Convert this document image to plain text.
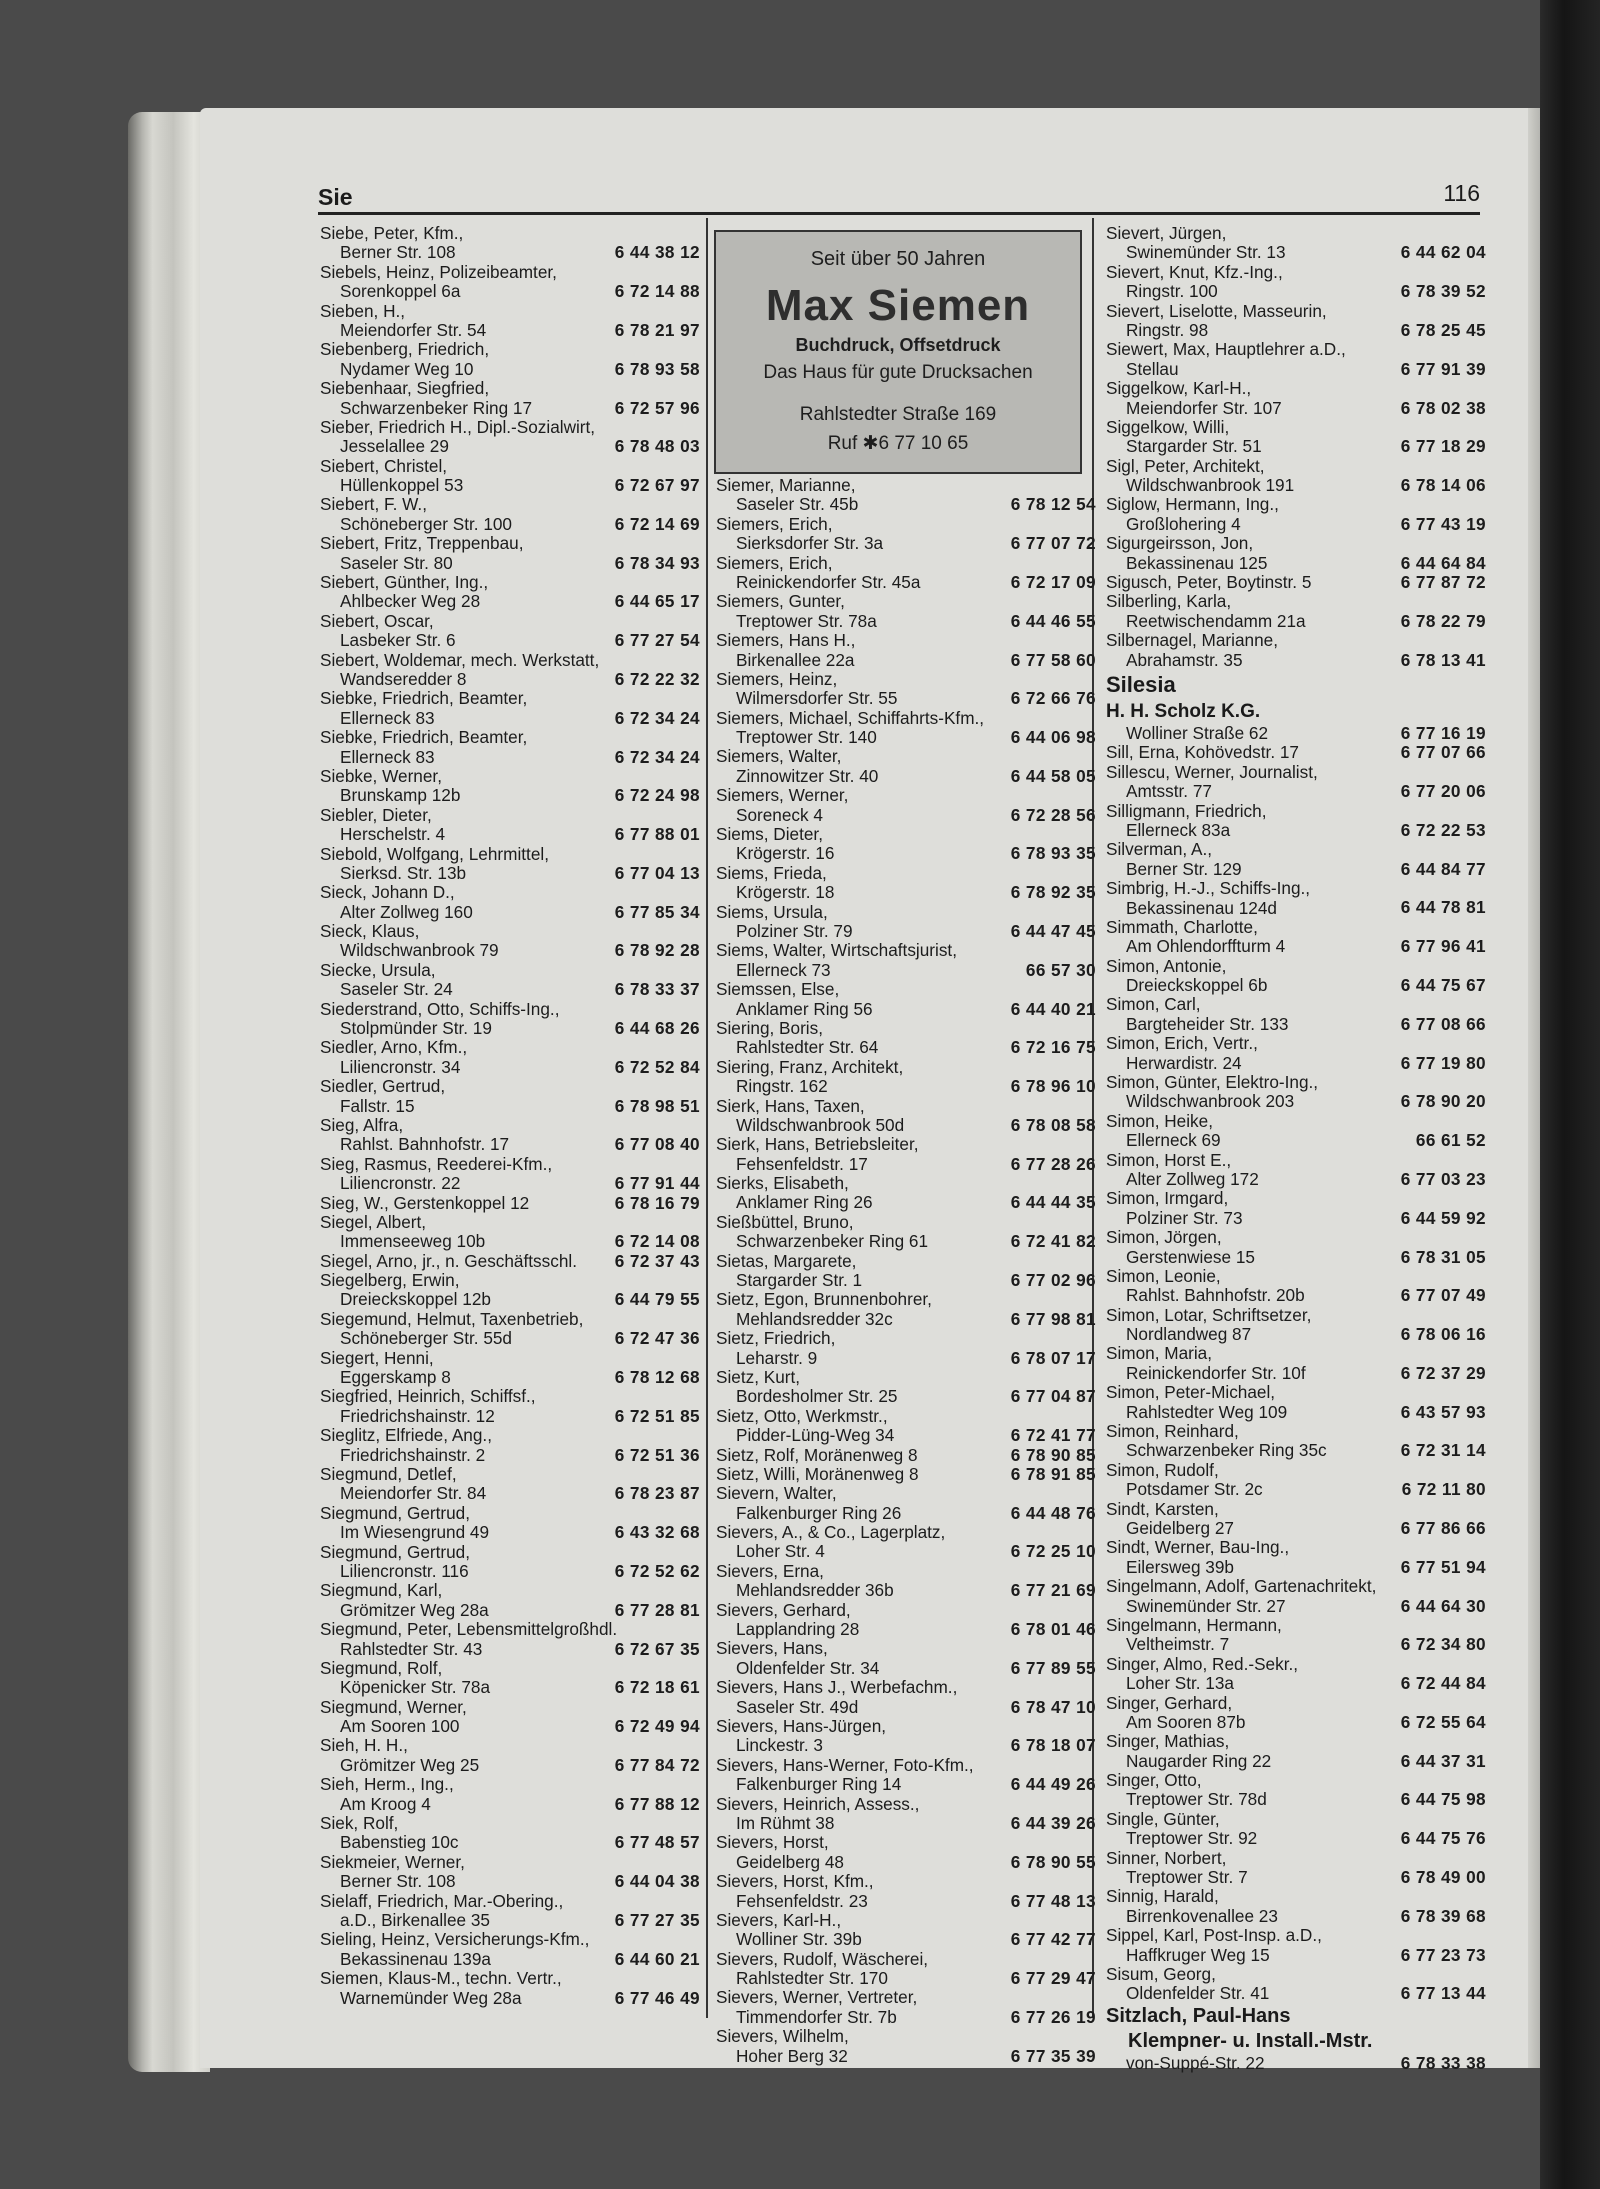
Sie	116
Siebe, Peter, Kfm.,
Berner Str. 108	6 44 38 12
Siebels, Heinz, Polizeibeamter,
Sorenkoppel 6a	6 72 14 88
Sieben, H.,
Meiendorfer Str. 54	6 78 21 97
Siebenberg, Friedrich,
Nydamer Weg 10	6 78 93 58
Siebenhaar, Siegfried,
Schwarzenbeker Ring 17	6 72 57 96
Sieber, Friedrich H., Dipl.-Sozialwirt,
Jesselallee 29	6 78 48 03
Siebert, Christel,
Hüllenkoppel 53	6 72 67 97
Siebert, F. W.,
Schöneberger Str. 100	6 72 14 69
Siebert, Fritz, Treppenbau,
Saseler Str. 80	6 78 34 93
Siebert, Günther, Ing.,
Ahlbecker Weg 28	6 44 65 17
Siebert, Oscar,
Lasbeker Str. 6	6 77 27 54
Siebert, Woldemar, mech. Werkstatt,
Wandseredder 8	6 72 22 32
Siebke, Friedrich, Beamter,
Ellerneck 83	6 72 34 24
Siebke, Friedrich, Beamter,
Ellerneck 83	6 72 34 24
Siebke, Werner,
Brunskamp 12b	6 72 24 98
Siebler, Dieter,
Herschelstr. 4	6 77 88 01
Siebold, Wolfgang, Lehrmittel,
Sierksd. Str. 13b	6 77 04 13
Sieck, Johann D.,
Alter Zollweg 160	6 77 85 34
Sieck, Klaus,
Wildschwanbrook 79	6 78 92 28
Siecke, Ursula,
Saseler Str. 24	6 78 33 37
Siederstrand, Otto, Schiffs-Ing.,
Stolpmünder Str. 19	6 44 68 26
Siedler, Arno, Kfm.,
Liliencronstr. 34	6 72 52 84
Siedler, Gertrud,
Fallstr. 15	6 78 98 51
Sieg, Alfra,
Rahlst. Bahnhofstr. 17	6 77 08 40
Sieg, Rasmus, Reederei-Kfm.,
Liliencronstr. 22	6 77 91 44
Sieg, W., Gerstenkoppel 12	6 78 16 79
Siegel, Albert,
Immenseeweg 10b	6 72 14 08
Siegel, Arno, jr., n. Geschäftsschl.	6 72 37 43
Siegelberg, Erwin,
Dreieckskoppel 12b	6 44 79 55
Siegemund, Helmut, Taxenbetrieb,
Schöneberger Str. 55d	6 72 47 36
Siegert, Henni,
Eggerskamp 8	6 78 12 68
Siegfried, Heinrich, Schiffsf.,
Friedrichshainstr. 12	6 72 51 85
Sieglitz, Elfriede, Ang.,
Friedrichshainstr. 2	6 72 51 36
Siegmund, Detlef,
Meiendorfer Str. 84	6 78 23 87
Siegmund, Gertrud,
Im Wiesengrund 49	6 43 32 68
Siegmund, Gertrud,
Liliencronstr. 116	6 72 52 62
Siegmund, Karl,
Grömitzer Weg 28a	6 77 28 81
Siegmund, Peter, Lebensmittelgroßhdl.
Rahlstedter Str. 43	6 72 67 35
Siegmund, Rolf,
Köpenicker Str. 78a	6 72 18 61
Siegmund, Werner,
Am Sooren 100	6 72 49 94
Sieh, H. H.,
Grömitzer Weg 25	6 77 84 72
Sieh, Herm., Ing.,
Am Kroog 4	6 77 88 12
Siek, Rolf,
Babenstieg 10c	6 77 48 57
Siekmeier, Werner,
Berner Str. 108	6 44 04 38
Sielaff, Friedrich, Mar.-Obering.,
a.D., Birkenallee 35	6 77 27 35
Sieling, Heinz, Versicherungs-Kfm.,
Bekassinenau 139a	6 44 60 21
Siemen, Klaus-M., techn. Vertr.,
Warnemünder Weg 28a	6 77 46 49
Seit über 50 Jahren
Max Siemen
Buchdruck, Offsetdruck
Das Haus für gute Drucksachen
Rahlstedter Straße 169
Ruf ✱6 77 10 65
Siemer, Marianne,
Saseler Str. 45b	6 78 12 54
Siemers, Erich,
Sierksdorfer Str. 3a	6 77 07 72
Siemers, Erich,
Reinickendorfer Str. 45a	6 72 17 09
Siemers, Gunter,
Treptower Str. 78a	6 44 46 55
Siemers, Hans H.,
Birkenallee 22a	6 77 58 60
Siemers, Heinz,
Wilmersdorfer Str. 55	6 72 66 76
Siemers, Michael, Schiffahrts-Kfm.,
Treptower Str. 140	6 44 06 98
Siemers, Walter,
Zinnowitzer Str. 40	6 44 58 05
Siemers, Werner,
Soreneck 4	6 72 28 56
Siems, Dieter,
Krögerstr. 16	6 78 93 35
Siems, Frieda,
Krögerstr. 18	6 78 92 35
Siems, Ursula,
Polziner Str. 79	6 44 47 45
Siems, Walter, Wirtschaftsjurist,
Ellerneck 73	66 57 30
Siemssen, Else,
Anklamer Ring 56	6 44 40 21
Siering, Boris,
Rahlstedter Str. 64	6 72 16 75
Siering, Franz, Architekt,
Ringstr. 162	6 78 96 10
Sierk, Hans, Taxen,
Wildschwanbrook 50d	6 78 08 58
Sierk, Hans, Betriebsleiter,
Fehsenfeldstr. 17	6 77 28 26
Sierks, Elisabeth,
Anklamer Ring 26	6 44 44 35
Sießbüttel, Bruno,
Schwarzenbeker Ring 61	6 72 41 82
Sietas, Margarete,
Stargarder Str. 1	6 77 02 96
Sietz, Egon, Brunnenbohrer,
Mehlandsredder 32c	6 77 98 81
Sietz, Friedrich,
Leharstr. 9	6 78 07 17
Sietz, Kurt,
Bordesholmer Str. 25	6 77 04 87
Sietz, Otto, Werkmstr.,
Pidder-Lüng-Weg 34	6 72 41 77
Sietz, Rolf, Moränenweg 8	6 78 90 85
Sietz, Willi, Moränenweg 8	6 78 91 85
Sievern, Walter,
Falkenburger Ring 26	6 44 48 76
Sievers, A., & Co., Lagerplatz,
Loher Str. 4	6 72 25 10
Sievers, Erna,
Mehlandsredder 36b	6 77 21 69
Sievers, Gerhard,
Lapplandring 28	6 78 01 46
Sievers, Hans,
Oldenfelder Str. 34	6 77 89 55
Sievers, Hans J., Werbefachm.,
Saseler Str. 49d	6 78 47 10
Sievers, Hans-Jürgen,
Linckestr. 3	6 78 18 07
Sievers, Hans-Werner, Foto-Kfm.,
Falkenburger Ring 14	6 44 49 26
Sievers, Heinrich, Assess.,
Im Rühmt 38	6 44 39 26
Sievers, Horst,
Geidelberg 48	6 78 90 55
Sievers, Horst, Kfm.,
Fehsenfeldstr. 23	6 77 48 13
Sievers, Karl-H.,
Wolliner Str. 39b	6 77 42 77
Sievers, Rudolf, Wäscherei,
Rahlstedter Str. 170	6 77 29 47
Sievers, Werner, Vertreter,
Timmendorfer Str. 7b	6 77 26 19
Sievers, Wilhelm,
Hoher Berg 32	6 77 35 39
Sievert, Jürgen,
Swinemünder Str. 13	6 44 62 04
Sievert, Knut, Kfz.-Ing.,
Ringstr. 100	6 78 39 52
Sievert, Liselotte, Masseurin,
Ringstr. 98	6 78 25 45
Siewert, Max, Hauptlehrer a.D.,
Stellau	6 77 91 39
Siggelkow, Karl-H.,
Meiendorfer Str. 107	6 78 02 38
Siggelkow, Willi,
Stargarder Str. 51	6 77 18 29
Sigl, Peter, Architekt,
Wildschwanbrook 191	6 78 14 06
Siglow, Hermann, Ing.,
Großlohering 4	6 77 43 19
Sigurgeirsson, Jon,
Bekassinenau 125	6 44 64 84
Sigusch, Peter, Boytinstr. 5	6 77 87 72
Silberling, Karla,
Reetwischendamm 21a	6 78 22 79
Silbernagel, Marianne,
Abrahamstr. 35	6 78 13 41
Silesia
H. H. Scholz K.G.
Wolliner Straße 62	6 77 16 19
Sill, Erna, Kohövedstr. 17	6 77 07 66
Sillescu, Werner, Journalist,
Amtsstr. 77	6 77 20 06
Silligmann, Friedrich,
Ellerneck 83a	6 72 22 53
Silverman, A.,
Berner Str. 129	6 44 84 77
Simbrig, H.-J., Schiffs-Ing.,
Bekassinenau 124d	6 44 78 81
Simmath, Charlotte,
Am Ohlendorffturm 4	6 77 96 41
Simon, Antonie,
Dreieckskoppel 6b	6 44 75 67
Simon, Carl,
Bargteheider Str. 133	6 77 08 66
Simon, Erich, Vertr.,
Herwardistr. 24	6 77 19 80
Simon, Günter, Elektro-Ing.,
Wildschwanbrook 203	6 78 90 20
Simon, Heike,
Ellerneck 69	66 61 52
Simon, Horst E.,
Alter Zollweg 172	6 77 03 23
Simon, Irmgard,
Polziner Str. 73	6 44 59 92
Simon, Jörgen,
Gerstenwiese 15	6 78 31 05
Simon, Leonie,
Rahlst. Bahnhofstr. 20b	6 77 07 49
Simon, Lotar, Schriftsetzer,
Nordlandweg 87	6 78 06 16
Simon, Maria,
Reinickendorfer Str. 10f	6 72 37 29
Simon, Peter-Michael,
Rahlstedter Weg 109	6 43 57 93
Simon, Reinhard,
Schwarzenbeker Ring 35c	6 72 31 14
Simon, Rudolf,
Potsdamer Str. 2c	6 72 11 80
Sindt, Karsten,
Geidelberg 27	6 77 86 66
Sindt, Werner, Bau-Ing.,
Eilersweg 39b	6 77 51 94
Singelmann, Adolf, Gartenachritekt,
Swinemünder Str. 27	6 44 64 30
Singelmann, Hermann,
Veltheimstr. 7	6 72 34 80
Singer, Almo, Red.-Sekr.,
Loher Str. 13a	6 72 44 84
Singer, Gerhard,
Am Sooren 87b	6 72 55 64
Singer, Mathias,
Naugarder Ring 22	6 44 37 31
Singer, Otto,
Treptower Str. 78d	6 44 75 98
Single, Günter,
Treptower Str. 92	6 44 75 76
Sinner, Norbert,
Treptower Str. 7	6 78 49 00
Sinnig, Harald,
Birrenkovenallee 23	6 78 39 68
Sippel, Karl, Post-Insp. a.D.,
Haffkruger Weg 15	6 77 23 73
Sisum, Georg,
Oldenfelder Str. 41	6 77 13 44
Sitzlach, Paul-Hans
Klempner- u. Install.-Mstr.
von-Suppé-Str. 22	6 78 33 38
